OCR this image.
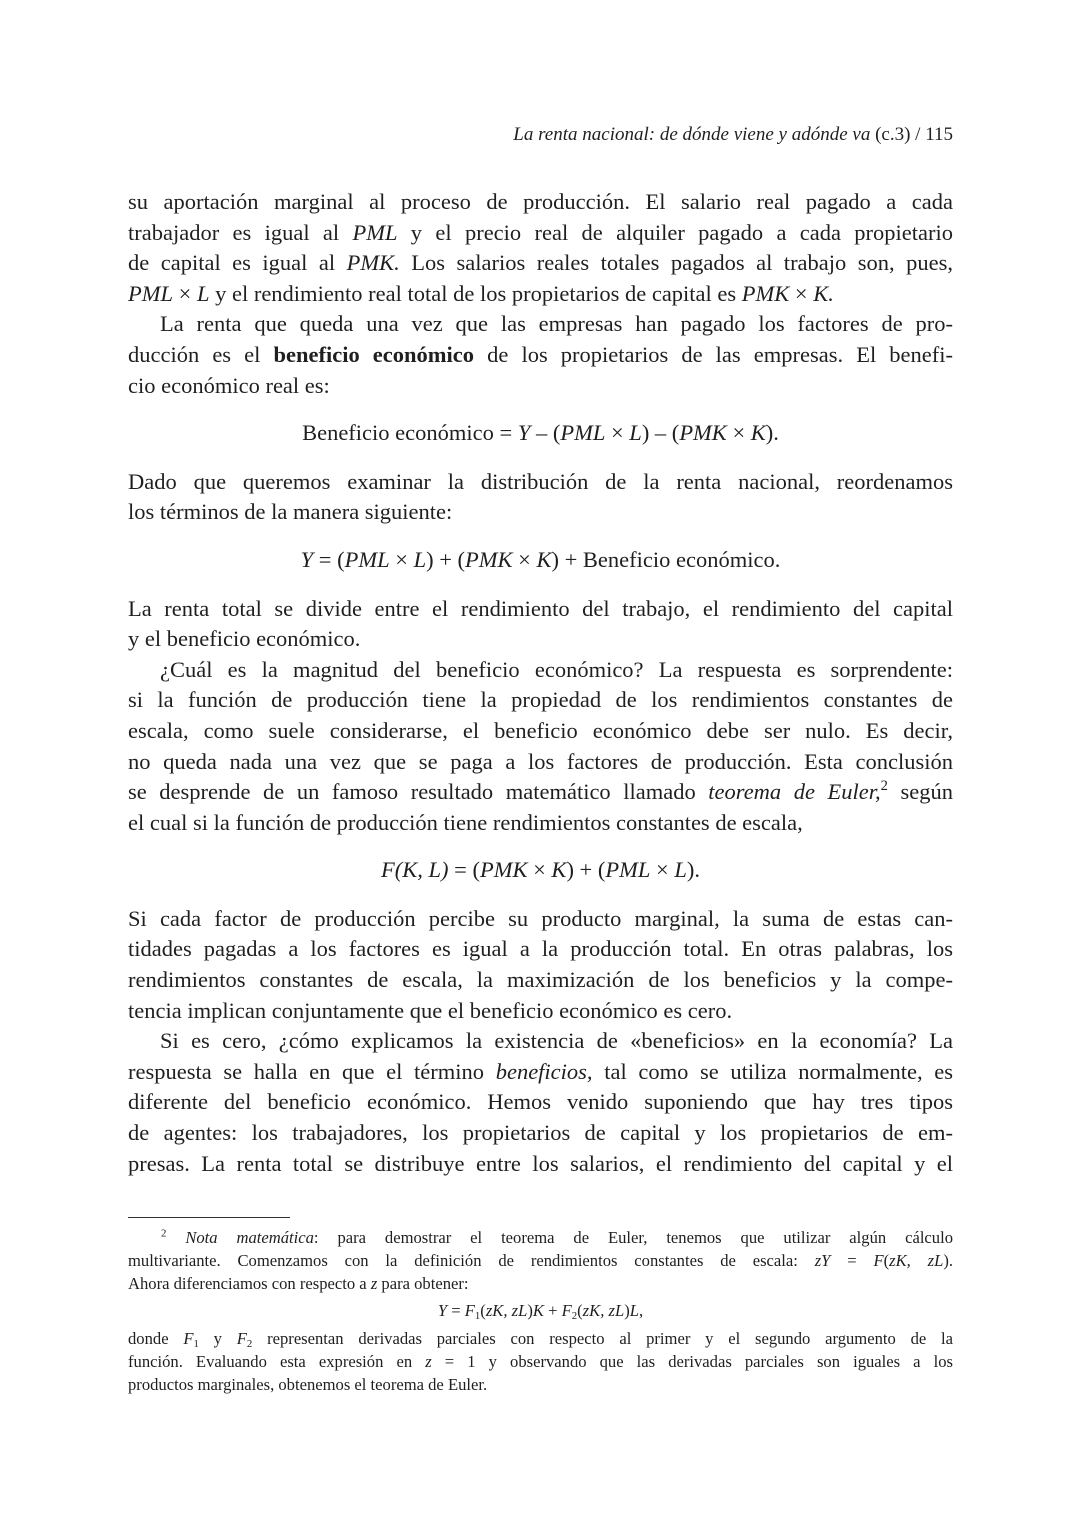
La renta nacional: de dónde viene y adónde va (c.3) / 115
su aportación marginal al proceso de producción. El salario real pagado a cada
trabajador es igual al PML y el precio real de alquiler pagado a cada propietario
de capital es igual al PMK. Los salarios reales totales pagados al trabajo son, pues,
PML × L y el rendimiento real total de los propietarios de capital es PMK × K.
La renta que queda una vez que las empresas han pagado los factores de pro-
ducción es el beneficio económico de los propietarios de las empresas. El benefi-
cio económico real es:
Beneficio económico = Y – (PML × L) – (PMK × K).
Dado que queremos examinar la distribución de la renta nacional, reordenamos
los términos de la manera siguiente:
Y = (PML × L) + (PMK × K) + Beneficio económico.
La renta total se divide entre el rendimiento del trabajo, el rendimiento del capital
y el beneficio económico.
¿Cuál es la magnitud del beneficio económico? La respuesta es sorprendente:
si la función de producción tiene la propiedad de los rendimientos constantes de
escala, como suele considerarse, el beneficio económico debe ser nulo. Es decir,
no queda nada una vez que se paga a los factores de producción. Esta conclusión
se desprende de un famoso resultado matemático llamado teorema de Euler,$^2$ según
el cual si la función de producción tiene rendimientos constantes de escala,
F(K, L) = (PMK × K) + (PML × L).
Si cada factor de producción percibe su producto marginal, la suma de estas can-
tidades pagadas a los factores es igual a la producción total. En otras palabras, los
rendimientos constantes de escala, la maximización de los beneficios y la compe-
tencia implican conjuntamente que el beneficio económico es cero.
Si es cero, ¿cómo explicamos la existencia de «beneficios» en la economía? La
respuesta se halla en que el término beneficios, tal como se utiliza normalmente, es
diferente del beneficio económico. Hemos venido suponiendo que hay tres tipos
de agentes: los trabajadores, los propietarios de capital y los propietarios de em-
presas. La renta total se distribuye entre los salarios, el rendimiento del capital y el
$^2$ Nota matemática: para demostrar el teorema de Euler, tenemos que utilizar algún cálculo
multivariante. Comenzamos con la definición de rendimientos constantes de escala: zY = F(zK, zL).
Ahora diferenciamos con respecto a z para obtener:
$Y = F_1(zK$, $zL)K + F_2(zK$, zL)L,
donde $F_1$ y $F_2$ representan derivadas parciales con respecto al primer y el segundo argumento de la
función. Evaluando esta expresión en z = 1 y observando que las derivadas parciales son iguales a los
productos marginales, obtenemos el teorema de Euler.
